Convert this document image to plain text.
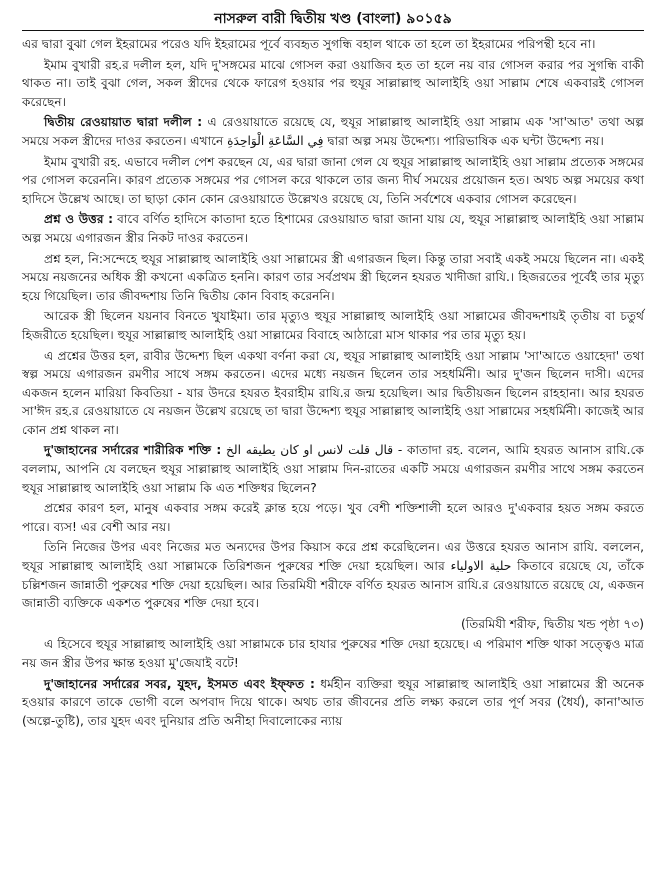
নাসরুল বারী দ্বিতীয় খণ্ড (বাংলা) ৯০১৫৯

এর দ্বারা বুঝা গেল ইহরামের পরেও যদি ইহরামের পূর্বে ব্যবহৃত সুগন্ধি বহাল থাকে তা হলে তা ইহরামের পরিপন্থী হবে না।

ইমাম বুখারী রহ.র দলীল হল, যদি দু'সঙ্গমের মাঝে গোসল করা ওয়াজিব হত তা হলে নয় বার গোসল করার পর সুগন্ধি বাকী থাকত না। তাই বুঝা গেল, সকল স্ত্রীদের থেকে ফারেগ হওয়ার পর হুযূর সাল্লাল্লাহু আলাইহি ওয়া সাল্লাম শেষে একবারই গোসল করেছেন।

দ্বিতীয় রেওয়ায়াত দ্বারা দলীল : এ রেওয়ায়াতে রয়েছে যে, হুযূর সাল্লাল্লাহু আলাইহি ওয়া সাল্লাম এক 'সা'আত' তথা অল্প সময়ে সকল স্ত্রীদের দাওর করতেন। এখানে فِي السَّاعَةِ الْوَاحِدَةِ দ্বারা অল্প সময় উদ্দেশ্য। পারিভাষিক এক ঘন্টা উদ্দেশ্য নয়।

ইমাম বুখারী রহ. এভাবে দলীল পেশ করছেন যে, এর দ্বারা জানা গেল যে হুযূর সাল্লাল্লাহু আলাইহি ওয়া সাল্লাম প্রত্যেক সঙ্গমের পর গোসল করেননি। কারণ প্রত্যেক সঙ্গমের পর গোসল করে থাকলে তার জন্য দীর্ঘ সময়ের প্রয়োজন হত। অথচ অল্প সময়ের কথা হাদিসে উল্লেখ আছে। তা ছাড়া কোন কোন রেওয়ায়াতে উল্লেখও রয়েছে যে, তিনি সর্বশেষে একবার গোসল করেছেন।

প্রশ্ন ও উত্তর : বাবে বর্ণিত হাদিসে কাতাদা হতে হিশামের রেওয়ায়াত দ্বারা জানা যায় যে, হুযূর সাল্লাল্লাহু আলাইহি ওয়া সাল্লাম অল্প সময়ে এগারজন স্ত্রীর নিকট দাওর করতেন।

প্রশ্ন হল, নি:সন্দেহে হুযূর সাল্লাল্লাহু আলাইহি ওয়া সাল্লামের স্ত্রী এগারজন ছিল। কিন্তু তারা সবাই একই সময়ে ছিলেন না। একই সময়ে নয়জনের অধিক স্ত্রী কখনো একত্রিত হননি। কারণ তার সর্বপ্রথম স্ত্রী ছিলেন হযরত খাদীজা রাযি.। হিজরতের পূর্বেই তার মৃত্যু হয়ে গিয়েছিল। তার জীবদ্দশায় তিনি দ্বিতীয় কোন বিবাহ করেননি।

আরেক স্ত্রী ছিলেন যয়নাব বিনতে খুযাইমা। তার মৃত্যুও হুযূর সাল্লাল্লাহু আলাইহি ওয়া সাল্লামের জীবদ্দশায়ই তৃতীয় বা চতুর্থ হিজরীতে হয়েছিল। হুযূর সাল্লাল্লাহু আলাইহি ওয়া সাল্লামের বিবাহে আঠারো মাস থাকার পর তার মৃত্যু হয়।

এ প্রশ্নের উত্তর হল, রাবীর উদ্দেশ্য ছিল একথা বর্ণনা করা যে, হুযূর সাল্লাল্লাহু আলাইহি ওয়া সাল্লাম 'সা'আতে ওয়াহেদা' তথা স্বল্প সময়ে এগারজন রমণীর সাথে সঙ্গম করতেন। এদের মধ্যে নয়জন ছিলেন তার সহধর্মিনী। আর দু'জন ছিলেন দাসী। এদের একজন হলেন মারিয়া কিবতিয়া - যার উদরে হযরত ইবরাহীম রাযি.র জন্ম হয়েছিল। আর দ্বিতীয়জন ছিলেন রাহহানা। আর হযরত সা'ঈদ রহ.র রেওয়ায়াতে যে নয়জন উল্লেখ রয়েছে তা দ্বারা উদ্দেশ্য হুযূর সাল্লাল্লাহু আলাইহি ওয়া সাল্লামের সহধর্মিনী। কাজেই আর কোন প্রশ্ন থাকল না।

দু'জাহানের সর্দারের শারীরিক শক্তি : قال قلت لانس او كان يطيقه الخ - কাতাদা রহ. বলেন, আমি হযরত আনাস রাযি.কে বললাম, আপনি যে বলছেন হুযূর সাল্লাল্লাহু আলাইহি ওয়া সাল্লাম দিন-রাতের একটি সময়ে এগারজন রমণীর সাথে সঙ্গম করতেন হুযূর সাল্লাল্লাহু আলাইহি ওয়া সাল্লাম কি এত শক্তিধর ছিলেন?

প্রশ্নের কারণ হল, মানুষ একবার সঙ্গম করেই ক্লান্ত হয়ে পড়ে। খুব বেশী শক্তিশালী হলে আরও দু'একবার হয়ত সঙ্গম করতে পারে। ব্যস! এর বেশী আর নয়।

তিনি নিজের উপর এবং নিজের মত অন্যদের উপর কিয়াস করে প্রশ্ন করেছিলেন। এর উত্তরে হযরত আনাস রাযি. বললেন, হুযূর সাল্লাল্লাহু আলাইহি ওয়া সাল্লামকে তিরিশজন পুরুষের শক্তি দেয়া হয়েছিল। আর حلية الاولياء কিতাবে রয়েছে যে, তাঁকে চল্লিশজন জান্নাতী পুরুষের শক্তি দেয়া হয়েছিল। আর তিরমিযী শরীফে বর্ণিত হযরত আনাস রাযি.র রেওয়ায়াতে রয়েছে যে, একজন জান্নাতী ব্যক্তিকে একশত পুরুষের শক্তি দেয়া হবে।

(তিরমিযী শরীফ, দ্বিতীয় খন্ড পৃষ্ঠা ৭৩)

এ হিসেবে হুযূর সাল্লাল্লাহু আলাইহি ওয়া সাল্লামকে চার হাযার পুরুষের শক্তি দেয়া হয়েছে। এ পরিমাণ শক্তি থাকা সত্ত্বেও মাত্র নয় জন স্ত্রীর উপর ক্ষান্ত হওয়া মু'জেযাই বটে!

দু'জাহানের সর্দারের সবর, যুহদ, ইসমত এবং ইফ্ফত : ধর্মহীন ব্যক্তিরা হুযূর সাল্লাল্লাহু আলাইহি ওয়া সাল্লামের স্ত্রী অনেক হওয়ার কারণে তাকে ভোগী বলে অপবাদ দিয়ে থাকে। অথচ তার জীবনের প্রতি লক্ষ্য করলে তার পূর্ণ সবর (ধৈর্য), কানা'আত (অল্পে-তুষ্টি), তার যুহদ এবং দুনিয়ার প্রতি অনীহা দিবালোকের ন্যায়
